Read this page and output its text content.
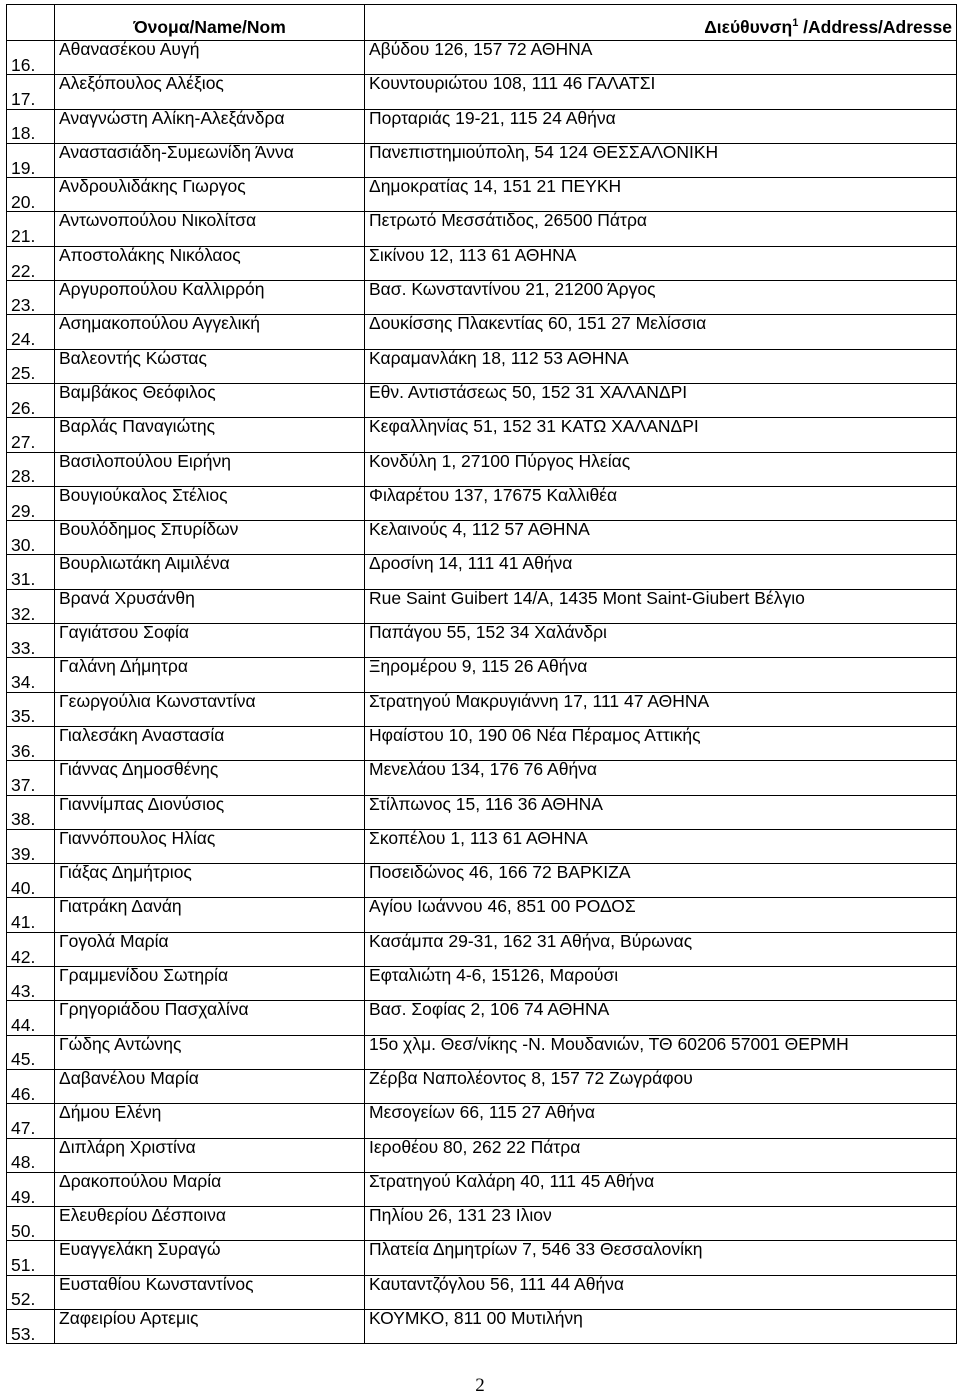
	Όνομα/Name/Nom	Διεύθυνση$^1$ /Address/Adresse
16.	Αθανασέκου Αυγή	Αβύδου 126, 157 72 ΑΘΗΝΑ
17.	Αλεξόπουλος Αλέξιος	Κουντουριώτου 108, 111 46 ΓΑΛΑΤΣΙ
18.	Αναγνώστη Αλίκη-Αλεξάνδρα	Πορταριάς 19-21, 115 24 Αθήνα
19.	Αναστασιάδη-Συμεωνίδη Άννα	Πανεπιστημιούπολη, 54 124 ΘΕΣΣΑΛΟΝΙΚΗ
20.	Ανδρουλιδάκης Γιωργος	Δημοκρατίας 14, 151 21 ΠΕΥΚΗ
21.	Αντωνοπούλου Νικολίτσα	Πετρωτό Μεσσάτιδος, 26500 Πάτρα
22.	Αποστολάκης Νικόλαος	Σικίνου 12, 113 61 ΑΘΗΝΑ
23.	Αργυροπούλου Καλλιρρόη	Βασ. Κωνσταντίνου 21, 21200 Άργος
24.	Ασημακοπούλου Αγγελική	Δουκίσσης Πλακεντίας 60, 151 27 Μελίσσια
25.	Βαλεοντής Κώστας	Καραμανλάκη 18, 112 53 ΑΘΗΝΑ
26.	Βαμβάκος Θεόφιλος	Εθν. Αντιστάσεως 50, 152 31 ΧΑΛΑΝΔΡΙ
27.	Βαρλάς Παναγιώτης	Κεφαλληνίας 51, 152 31 ΚΑΤΩ ΧΑΛΑΝΔΡΙ
28.	Βασιλοπούλου Ειρήνη	Κονδύλη 1, 27100 Πύργος Ηλείας
29.	Βουγιούκαλος Στέλιος	Φιλαρέτου 137, 17675 Καλλιθέα
30.	Βουλόδημος Σπυρίδων	Κελαινούς 4, 112 57 ΑΘΗΝΑ
31.	Βουρλιωτάκη Αιμιλένα	Δροσίνη 14, 111 41 Αθήνα
32.	Βρανά Χρυσάνθη	Rue Saint Guibert 14/A, 1435 Mont Saint-Giubert Βέλγιο
33.	Γαγιάτσου Σοφία	Παπάγου 55, 152 34 Χαλάνδρι
34.	Γαλάνη Δήμητρα	Ξηρομέρου 9, 115 26 Αθήνα
35.	Γεωργούλια Κωνσταντίνα	Στρατηγού Μακρυγιάννη 17, 111 47 ΑΘΗΝΑ
36.	Γιαλεσάκη Αναστασία	Ηφαίστου 10, 190 06 Νέα Πέραμος Αττικής
37.	Γιάννας Δημοσθένης	Μενελάου 134, 176 76 Αθήνα
38.	Γιαννίμπας Διονύσιος	Στίλπωνος 15, 116 36 ΑΘΗΝΑ
39.	Γιαννόπουλος Ηλίας	Σκοπέλου 1, 113 61 ΑΘΗΝΑ
40.	Γιάξας Δημήτριος	Ποσειδώνος 46, 166 72 ΒΑΡΚΙΖΑ
41.	Γιατράκη Δανάη	Αγίου Ιωάννου 46, 851 00 ΡΟΔΟΣ
42.	Γογολά Μαρία	Κασάμπα 29-31, 162 31 Αθήνα, Βύρωνας
43.	Γραμμενίδου Σωτηρία	Εφταλιώτη 4-6, 15126, Μαρούσι
44.	Γρηγοριάδου Πασχαλίνα	Βασ. Σοφίας 2, 106 74 ΑΘΗΝΑ
45.	Γώδης Αντώνης	15ο χλμ. Θεσ/νίκης -Ν. Μουδανιών, ΤΘ 60206 57001 ΘΕΡΜΗ
46.	Δαβανέλου Μαρία	Ζέρβα Ναπολέοντος 8, 157 72 Ζωγράφου
47.	Δήμου Ελένη	Μεσογείων 66, 115 27 Αθήνα
48.	Διπλάρη Χριστίνα	Ιεροθέου 80, 262 22 Πάτρα
49.	Δρακοπούλου Μαρία	Στρατηγού Καλάρη 40, 111 45 Αθήνα
50.	Ελευθερίου Δέσποινα	Πηλίου 26, 131 23 Ιλιον
51.	Ευαγγελάκη Συραγώ	Πλατεία Δημητρίων 7, 546 33 Θεσσαλονίκη
52.	Ευσταθίου Κωνσταντίνος	Καυταντζόγλου 56, 111 44 Αθήνα
53.	Ζαφειρίου Αρτεμις	ΚΟΥΜΚΟ, 811 00 Μυτιλήνη
2
